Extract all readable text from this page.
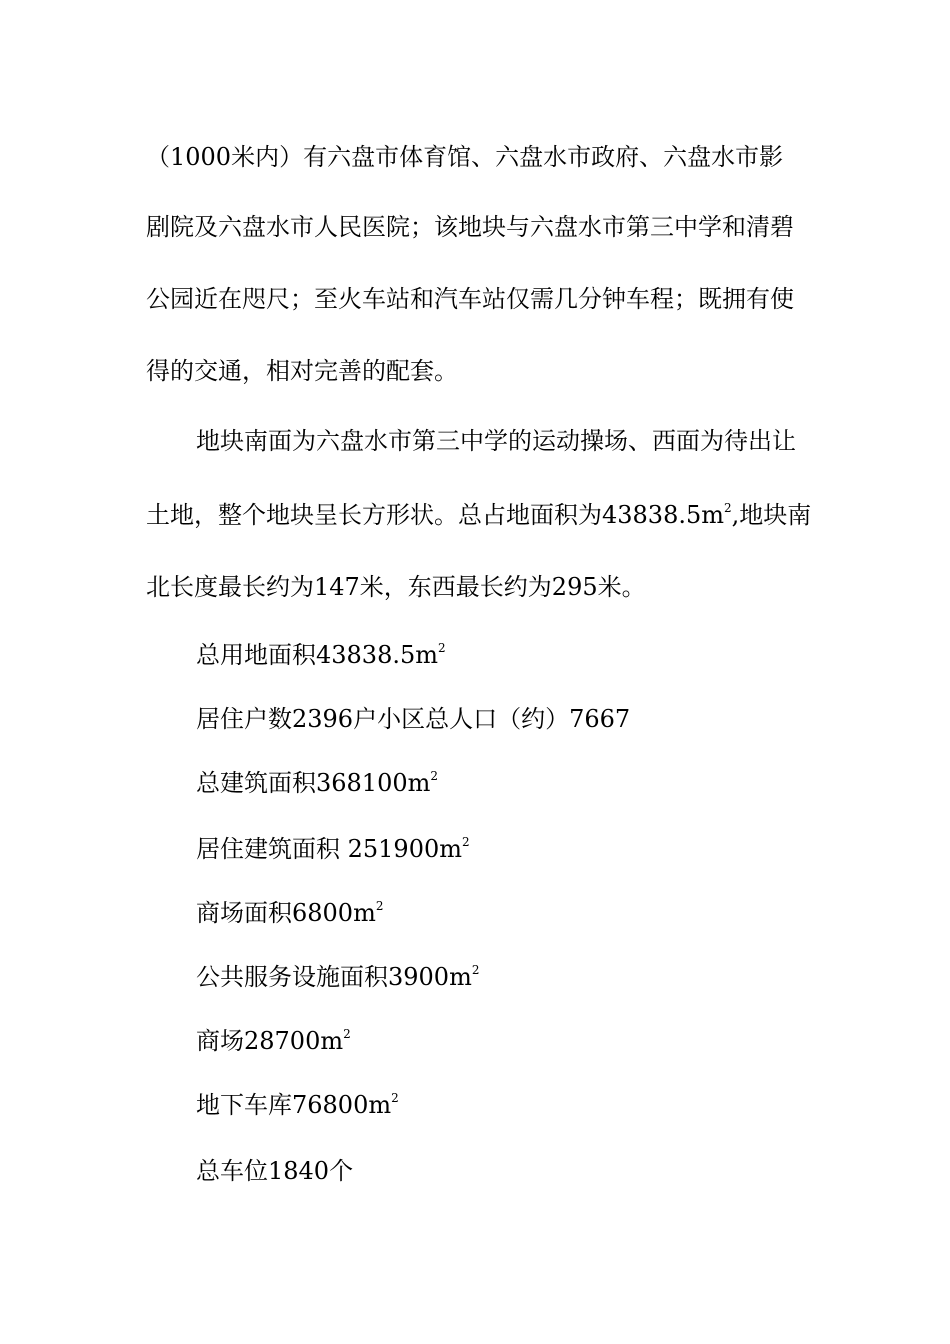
（1000米内）有六盘市体育馆、六盘水市政府、六盘水市影
剧院及六盘水市人民医院；该地块与六盘水市第三中学和清碧
公园近在咫尺；至火车站和汽车站仅需几分钟车程；既拥有使
得的交通，相对完善的配套。
地块南面为六盘水市第三中学的运动操场、西面为待出让
土地，整个地块呈长方形状。总占地面积为$43838.5m^2$,地块南
北长度最长约为147米，东西最长约为295米。
总用地面积$43838.5m^2$
居住户数2396户小区总人口（约）7667
总建筑面积$368100m^2$
居住建筑面积 $251900m^2$
商场面积$6800m^2$
公共服务设施面积$3900m^2$
商场$28700m^2$
地下车库$76800m^2$
总车位1840个
